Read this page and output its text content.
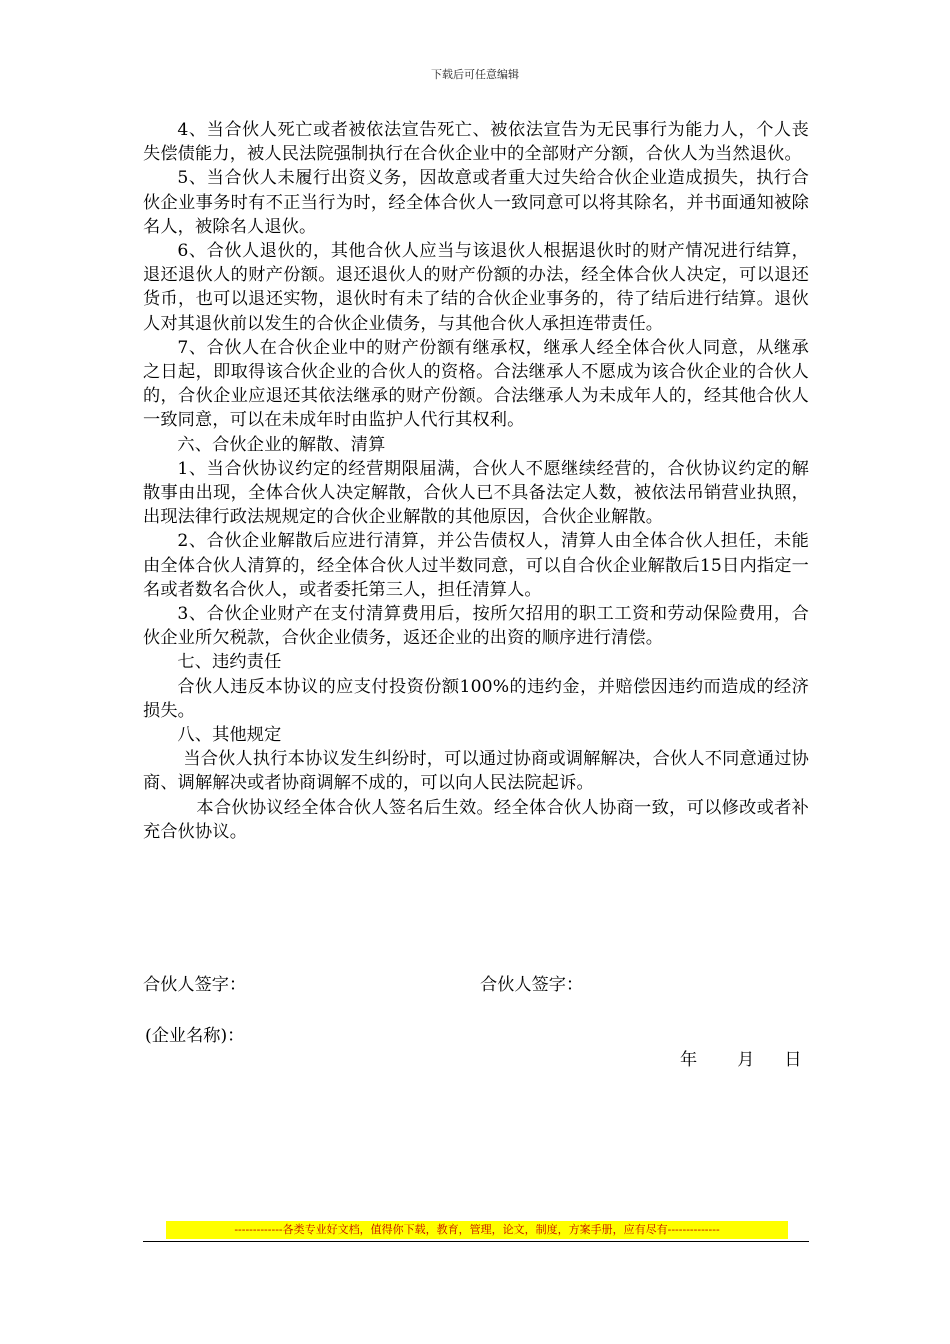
下载后可任意编辑

4、当合伙人死亡或者被依法宣告死亡、被依法宣告为无民事行为能力人，个人丧失偿债能力，被人民法院强制执行在合伙企业中的全部财产分额，合伙人为当然退伙。

5、当合伙人未履行出资义务，因故意或者重大过失给合伙企业造成损失，执行合伙企业事务时有不正当行为时，经全体合伙人一致同意可以将其除名，并书面通知被除名人，被除名人退伙。

6、合伙人退伙的，其他合伙人应当与该退伙人根据退伙时的财产情况进行结算，退还退伙人的财产份额。退还退伙人的财产份额的办法，经全体合伙人决定，可以退还货币，也可以退还实物，退伙时有未了结的合伙企业事务的，待了结后进行结算。退伙人对其退伙前以发生的合伙企业债务，与其他合伙人承担连带责任。

7、合伙人在合伙企业中的财产份额有继承权，继承人经全体合伙人同意，从继承之日起，即取得该合伙企业的合伙人的资格。合法继承人不愿成为该合伙企业的合伙人的，合伙企业应退还其依法继承的财产份额。合法继承人为未成年人的，经其他合伙人一致同意，可以在未成年时由监护人代行其权利。

六、合伙企业的解散、清算

1、当合伙协议约定的经营期限届满，合伙人不愿继续经营的，合伙协议约定的解散事由出现，全体合伙人决定解散，合伙人已不具备法定人数，被依法吊销营业执照，出现法律行政法规规定的合伙企业解散的其他原因，合伙企业解散。

2、合伙企业解散后应进行清算，并公告债权人，清算人由全体合伙人担任，未能由全体合伙人清算的，经全体合伙人过半数同意，可以自合伙企业解散后15日内指定一名或者数名合伙人，或者委托第三人，担任清算人。

3、合伙企业财产在支付清算费用后，按所欠招用的职工工资和劳动保险费用，合伙企业所欠税款，合伙企业债务，返还企业的出资的顺序进行清偿。

七、违约责任

合伙人违反本协议的应支付投资份额100%的违约金，并赔偿因违约而造成的经济损失。

八、其他规定

当合伙人执行本协议发生纠纷时，可以通过协商或调解解决，合伙人不同意通过协商、调解解决或者协商调解不成的，可以向人民法院起诉。

本合伙协议经全体合伙人签名后生效。经全体合伙人协商一致，可以修改或者补充合伙协议。

合伙人签字：	合伙人签字：
(企业名称)：
年 月 日
-------------各类专业好文档，值得你下载，教育，管理，论文，制度，方案手册，应有尽有--------------
